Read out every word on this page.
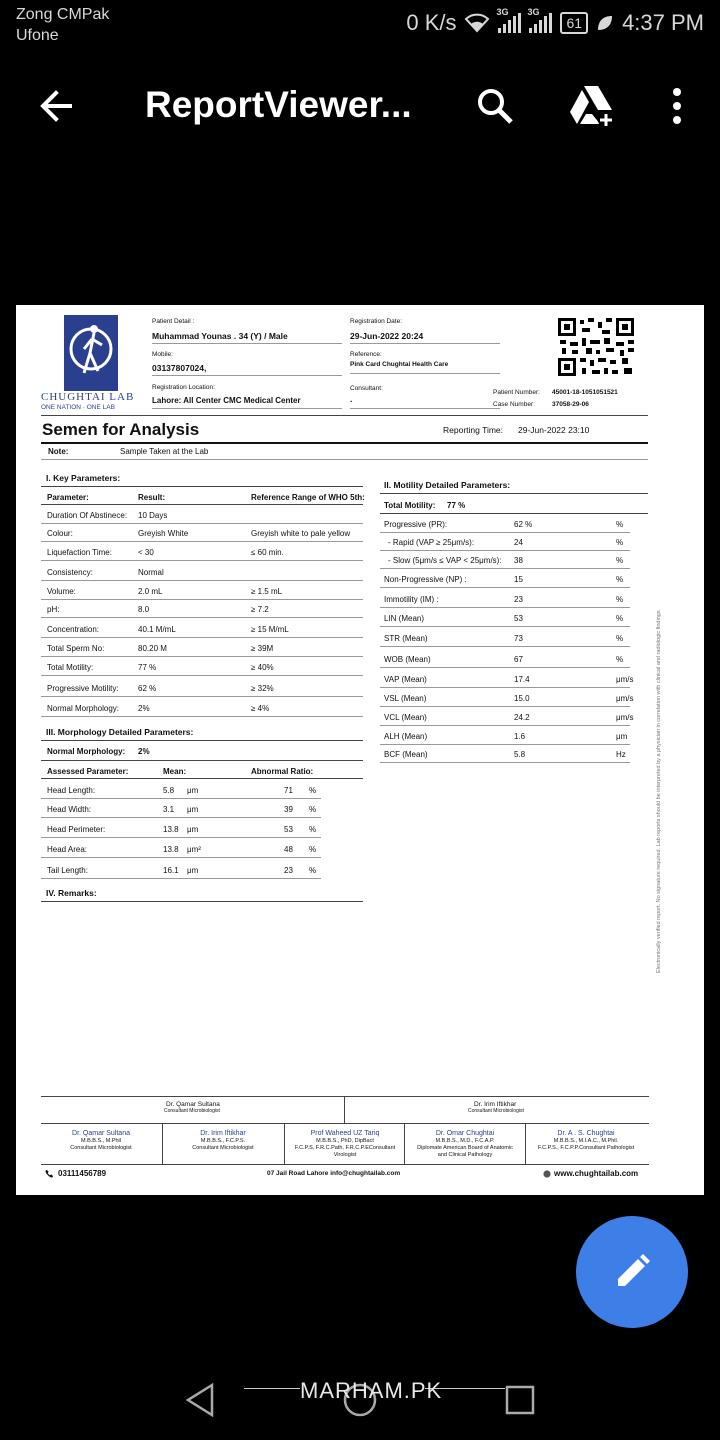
Zong CMPak
Ufone
0 K/s	3G 3G
61 4:37 PM
ReportViewer...
CHUGHTAI LAB
ONE NATION · ONE LAB
Patient Detail :
Muhammad Younas . 34 (Y) / Male
Mobile:
03137807024,
Registration Location:
Lahore: All Center CMC Medical Center
Registration Date:
29-Jun-2022 20:24
Reference:
Pink Card Chughtai Health Care
Consultant:
.
Patient Number: 45001-18-1051051521
Case Number:	37058-29-06
Semen for Analysis	Reporting Time: 29-Jun-2022 23:10
Note:	Sample Taken at the Lab
I. Key Parameters:
Parameter:	Result:	Reference Range of WHO 5th:
Duration Of Abstinece: 10 Days
Colour:	Greyish White	Greyish white to pale yellow
Liquefaction Time:	< 30	≤ 60 min.
Consistency:	Normal
Volume:	2.0 mL	≥ 1.5 mL
pH:	8.0	≥ 7.2
Concentration:	40.1 M/mL	≥ 15 M/mL
Total Sperm No:	80.20 M	≥ 39M
Total Motility:	77 %	≥ 40%
Progressive Motility: 62 %	≥ 32%
Normal Morphology: 2%	≥ 4%
III. Morphology Detailed Parameters:
Normal Morphology: 2%
Assessed Parameter:	Mean:	Abnormal Ratio:
Head Length:	5.8 μm	71 %
Head Width:	3.1 μm	39 %
Head Perimeter:	13.8 μm	53 %
Head Area:	13.8 μm²	48 %
Tail Length:	16.1 μm	23 %
IV. Remarks:
II. Motility Detailed Parameters:
Total Motility: 77 %
Progressive (PR):	62 %	%
- Rapid (VAP ≥ 25μm/s):	24	%
- Slow (5μm/s ≤ VAP < 25μm/s): 38	%
Non-Progressive (NP) :	15	%
Immotility (IM) :	23	%
LIN (Mean)	53	%
STR (Mean)	73	%
WOB (Mean)	67	%
VAP (Mean)	17.4	μm/s
VSL (Mean)	15.0	μm/s
VCL (Mean)	24.2	μm/s
ALH (Mean)	1.6	μm
BCF (Mean)	5.8	Hz	Electronically verified report. No signature required. Lab reports should be interpreted by a physician in correlation with clinical and radiologic findings.
Dr. Qamar Sultana
Consultant Microbiologist
Dr. Irim Iftikhar
Consultant Microbiologist
Dr. Qamar Sultana
M.B.B.S., M.Phil
Consultant Microbiologist
Dr. Irim Iftikhar
M.B.B.S., F.C.P.S.
Consultant Microbiologist
Prof Waheed UZ Tariq
M.B.B.S., PhD, DipBact
F.C.P.S, F.R.C.Path, F.R.C.P.EConsultant
Virologist
Dr. Omar Chughtai
M.B.B.S., M.D., F.C.A.P.
Diplomate American Board of Anatomic
and Clinical Pathology
Dr. A . S. Chughtai
M.B.B.S., M.I.A.C., M.Phil.
F.C.P.S., F.C.P.P.Consultant Pathologist
03111456789	07 Jail Road Lahore info@chughtailab.com	www.chughtailab.com
MARHAM.PK
